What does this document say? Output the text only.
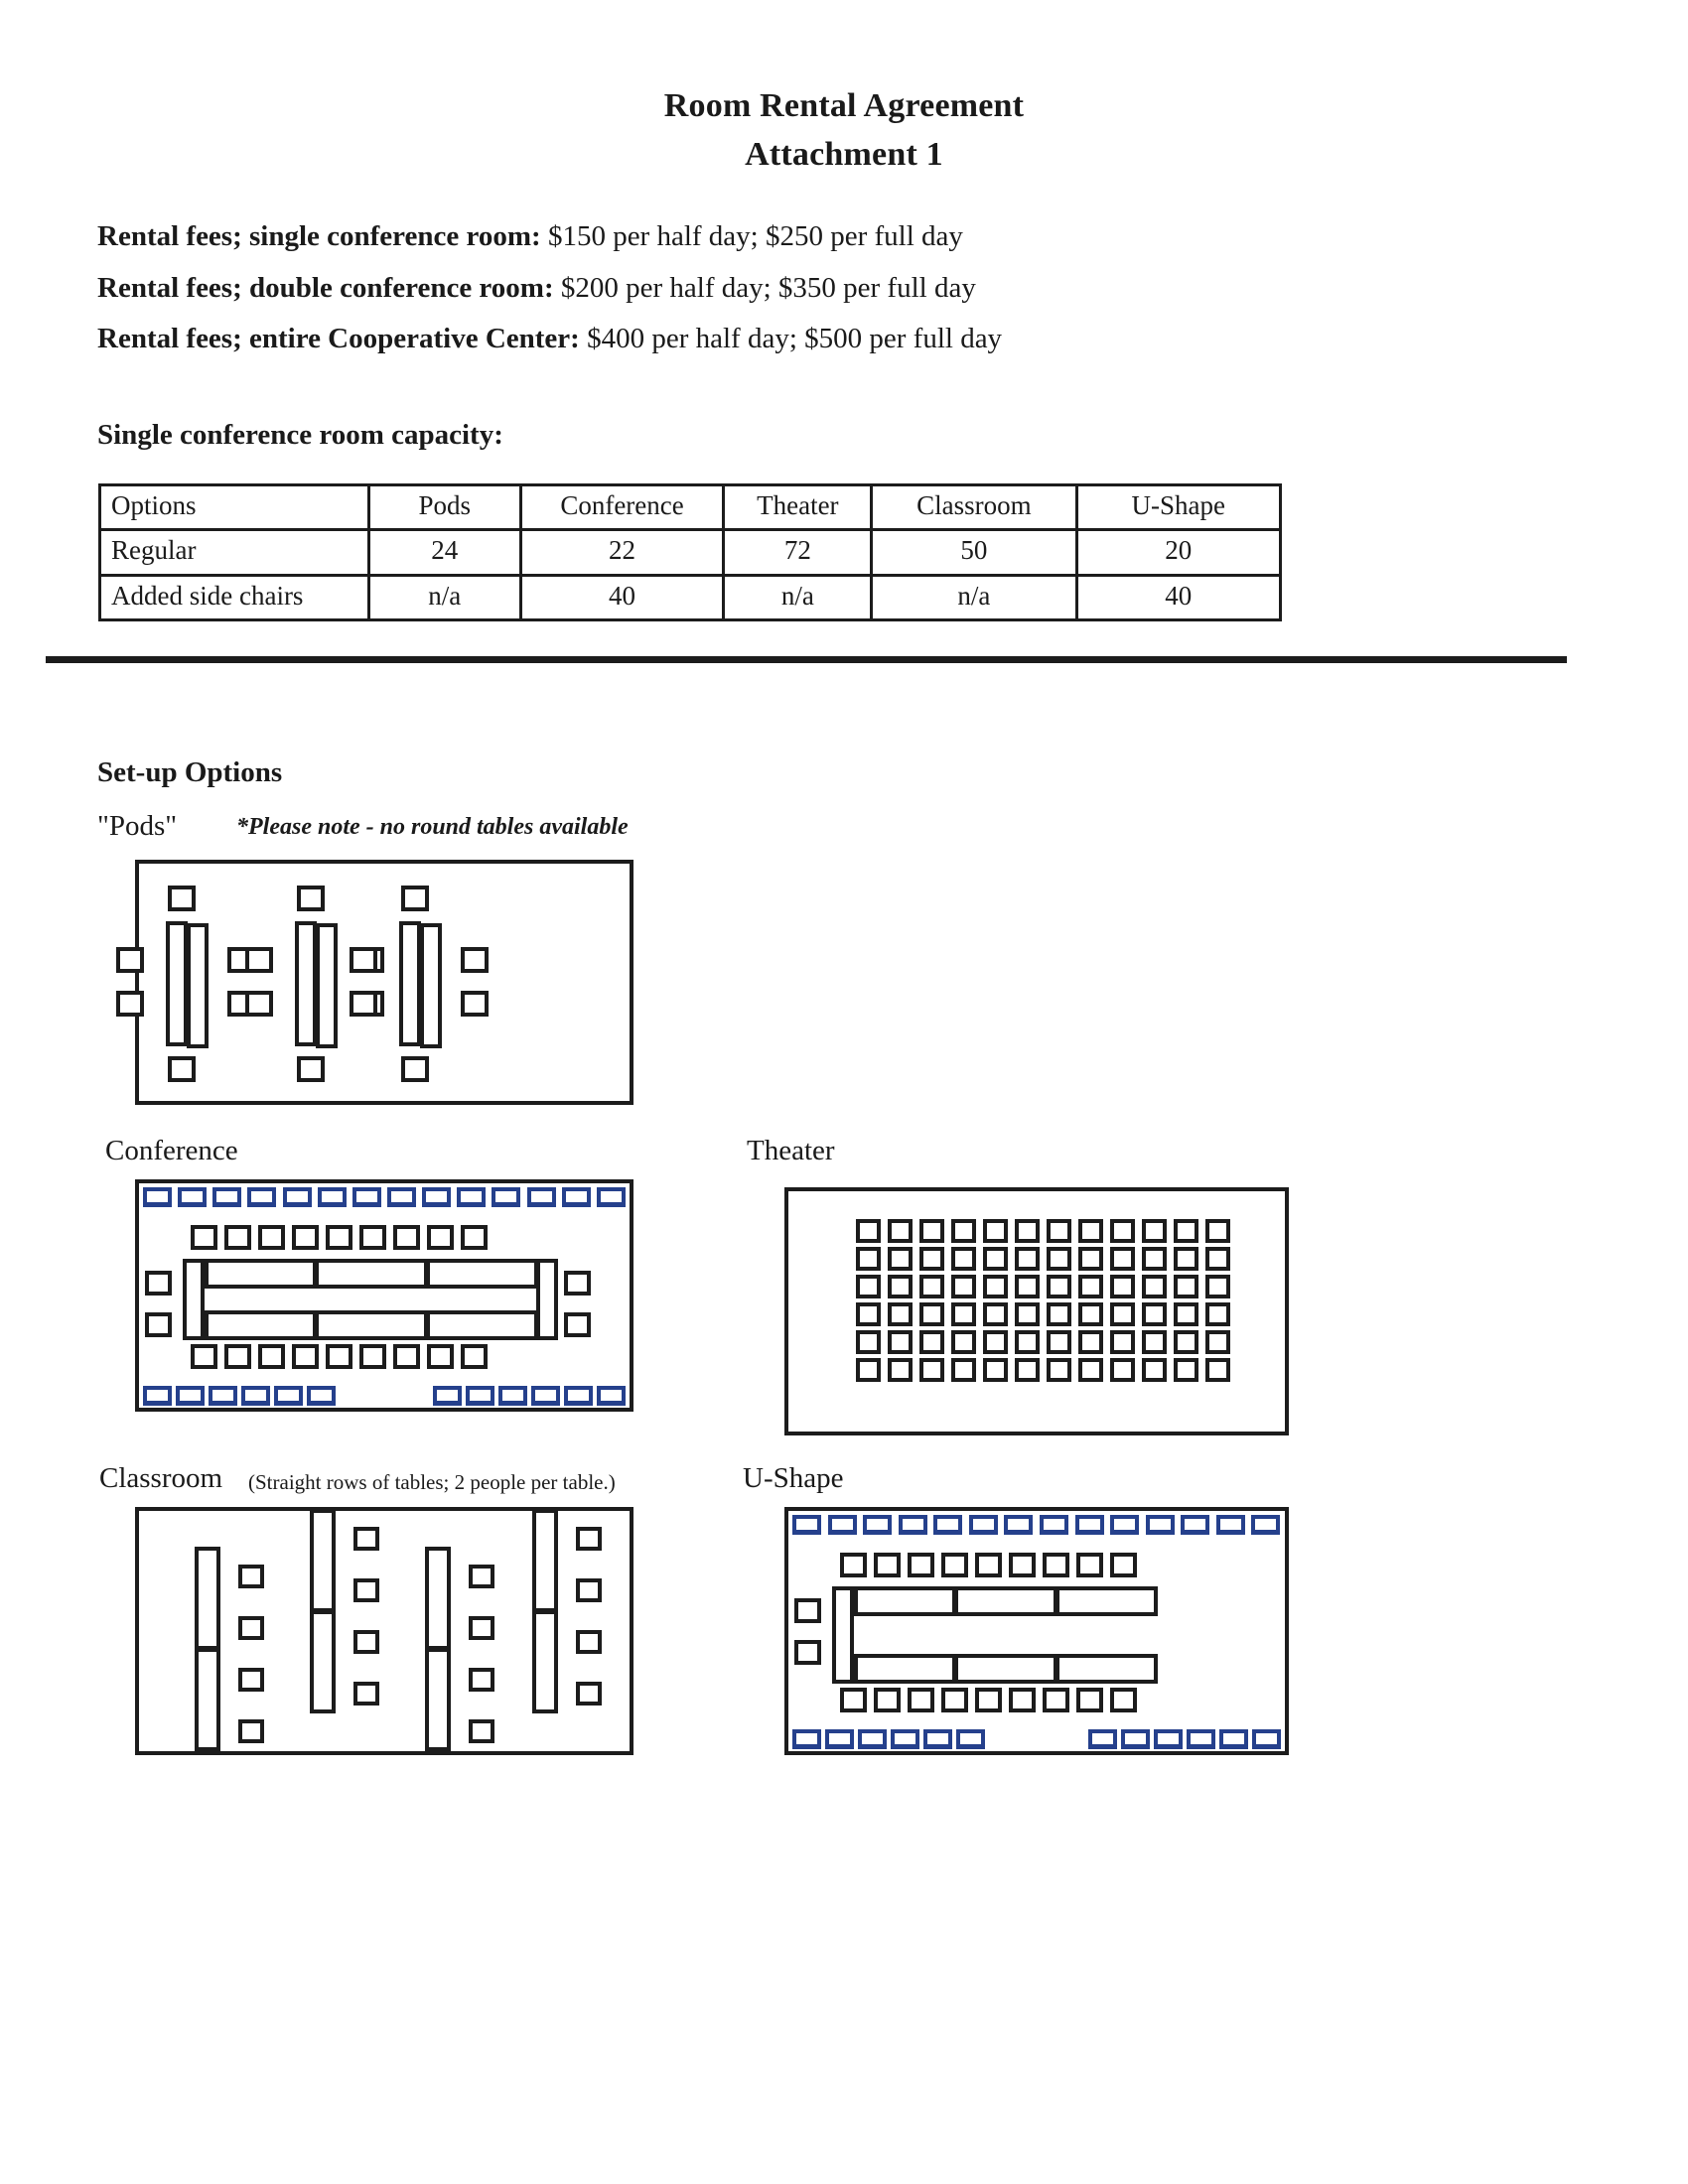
Room Rental Agreement
Attachment 1
Rental fees; single conference room: $150 per half day; $250 per full day
Rental fees; double conference room: $200 per half day; $350 per full day
Rental fees; entire Cooperative Center: $400 per half day; $500 per full day
Single conference room capacity:
Options	Pods	Conference	Theater	Classroom	U-Shape
Regular	24	22	72	50	20
Added side chairs	n/a	40	n/a	n/a	40
Set-up Options
"Pods" *Please note - no round tables available
Conference	Theater
Classroom (Straight rows of tables; 2 people per table.)	U-Shape
